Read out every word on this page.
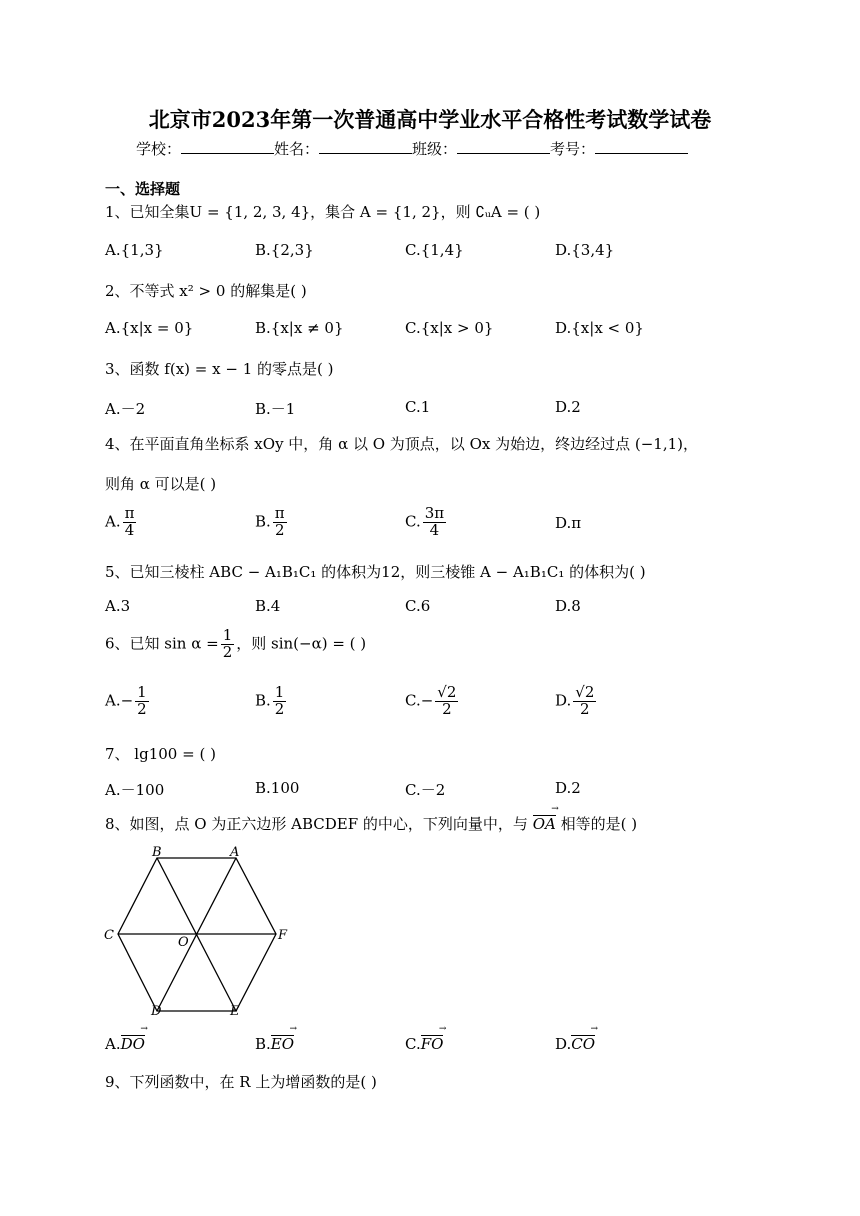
北京市2023年第一次普通高中学业水平合格性考试数学试卷
学校：	姓名：	班级：	考号：
一、选择题
1、已知全集U = {1, 2, 3, 4}，集合 A = {1, 2}，则 ∁ᵤA = ( )
A.{1,3}	B.{2,3}	C.{1,4}	D.{3,4}
2、不等式 x² > 0 的解集是( )
A.{x|x = 0}	B.{x|x ≠ 0}	C.{x|x > 0}	D.{x|x < 0}
3、函数 f(x) = x − 1 的零点是( )
A.－2	B.－1	C.1	D.2
4、在平面直角坐标系 xOy 中，角 α 以 O 为顶点，以 Ox 为始边，终边经过点 (−1,1)，
则角 α 可以是( )
A. $\frac{\pi}{4}$	B. $\frac{\pi}{2}$	C. $\frac{3\pi}{4}$	D.π
5、已知三棱柱 ABC − A₁B₁C₁ 的体积为12，则三棱锥 A − A₁B₁C₁ 的体积为( )
A.3	B.4	C.6	D.8
6、已知 $\sin \alpha = \frac{1}{2}$ ，则 sin(−α) = ( )
$A.- \frac{1}{2}$	B. $\frac{1}{2}$	$C.- \frac{√2}{2}$	D. $\frac{√2}{2}$
7、 lg100 = ( )
A.－100	B.100	C.－2	D.2
8、如图，点 O 为正六边形 ABCDEF 的中心，下列向量中，与 OA → 相等的是( )
B	A
C	F
O
D	E
A.DO →	B.EO →	C.FO →	D.CO →
9、下列函数中，在 R 上为增函数的是( )
